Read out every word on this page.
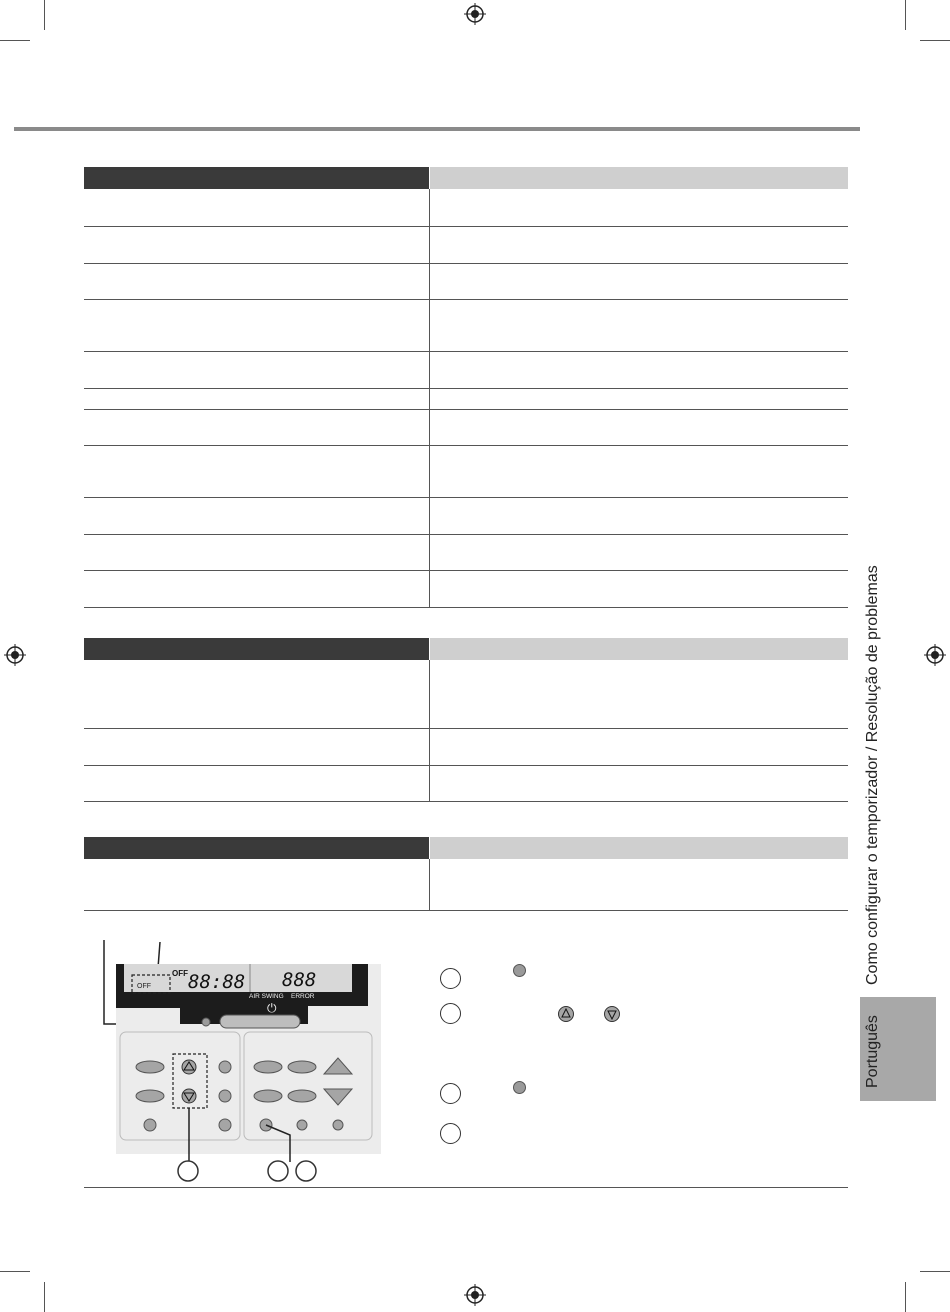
OFF
OFF 88:88 888
AIR SWING ERROR
⏻
Como configurar o temporizador / Resolução de problemas
Português
